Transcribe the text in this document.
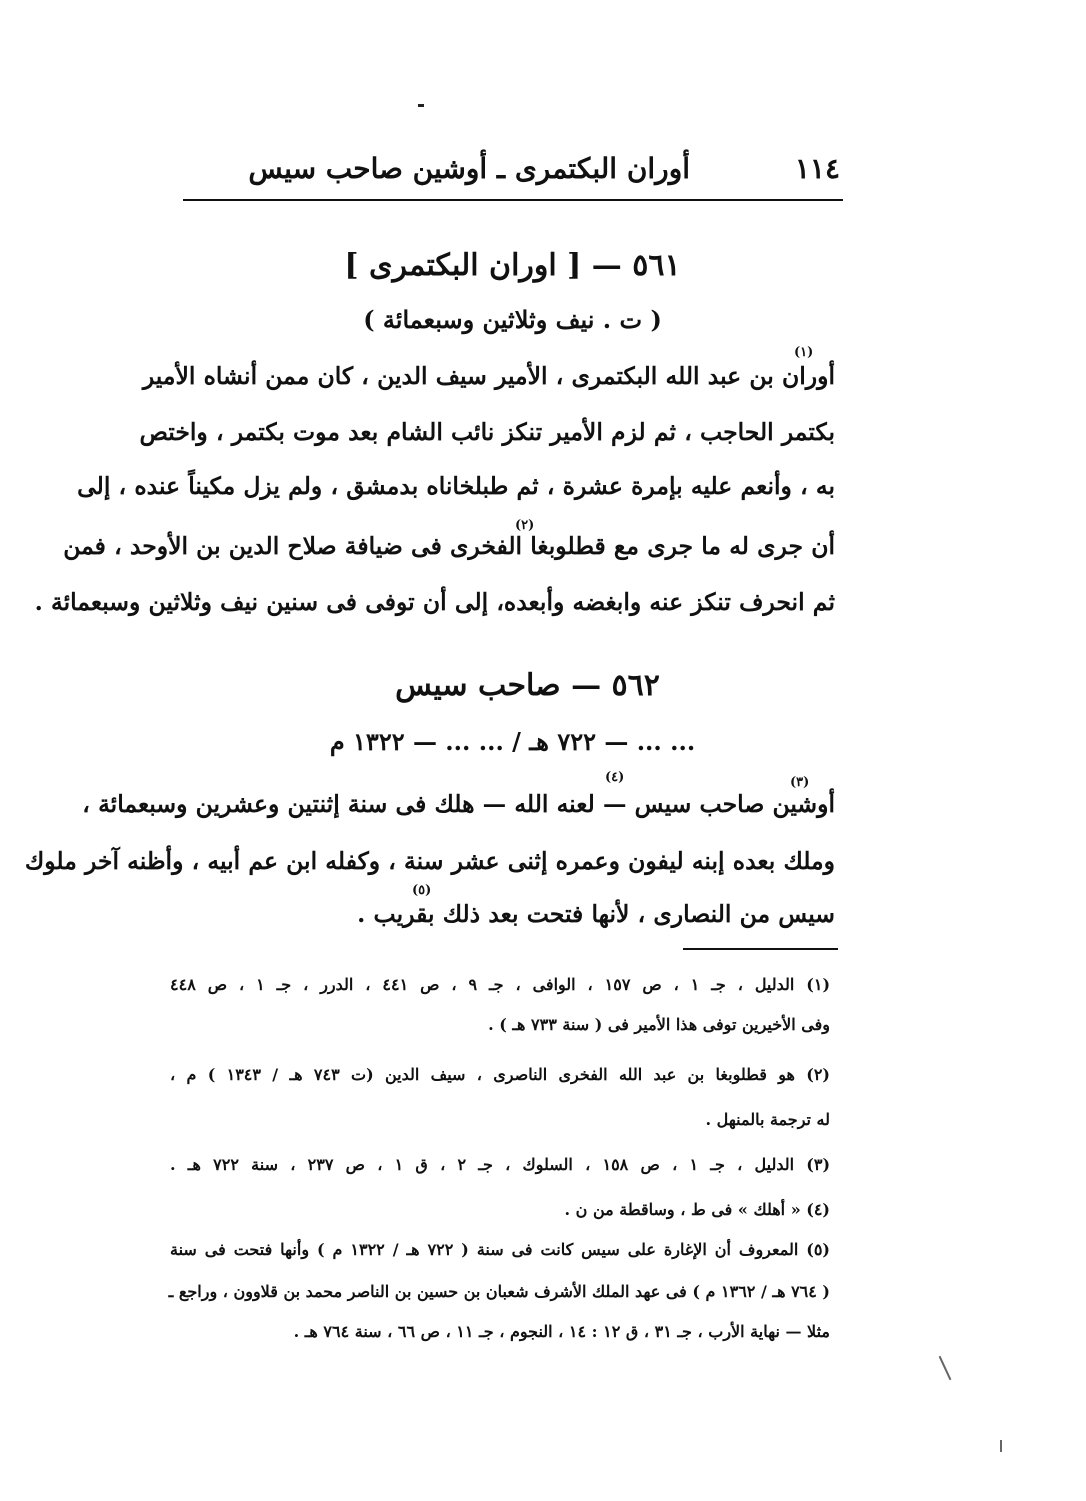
١١٤
أوران البكتمرى ـ أوشين صاحب سيس
٥٦١ — [ اوران البكتمرى ]
( ت . نيف وثلاثين وسبعمائة )
(١)
أوران بن عبد الله البكتمرى ، الأمير سيف الدين ، كان ممن أنشاه الأمير
بكتمر الحاجب ، ثم لزم الأمير تنكز نائب الشام بعد موت بكتمر ، واختص
به ، وأنعم عليه بإمرة عشرة ، ثم طبلخاناه بدمشق ، ولم يزل مكيناً عنده ، إلى
(٢)
أن جرى له ما جرى مع قطلوبغا الفخرى فى ضيافة صلاح الدين بن الأوحد ، فمن
ثم انحرف تنكز عنه وابغضه وأبعده، إلى أن توفى فى سنين نيف وثلاثين وسبعمائة .
٥٦٢ — صاحب سيس
... ... — ٧٢٢ هـ / ... ... — ١٣٢٢ م
(٣)
(٤)
أوشين صاحب سيس — لعنه الله — هلك فى سنة إثنتين وعشرين وسبعمائة ،
وملك بعده إبنه ليفون وعمره إثنى عشر سنة ، وكفله ابن عم أبيه ، وأظنه آخر ملوك
(٥)
سيس من النصارى ، لأنها فتحت بعد ذلك بقريب .
(١) الدليل ، جـ ١ ، ص ١٥٧ ، الوافى ، جـ ٩ ، ص ٤٤١ ، الدرر ، جـ ١ ، ص ٤٤٨
وفى الأخيرين توفى هذا الأمير فى ( سنة ٧٣٣ هـ ) .
(٢) هو قطلوبغا بن عبد الله الفخرى الناصرى ، سيف الدين (ت ٧٤٣ هـ / ١٣٤٣ ) م ،
له ترجمة بالمنهل .
(٣) الدليل ، جـ ١ ، ص ١٥٨ ، السلوك ، جـ ٢ ، ق ١ ، ص ٢٣٧ ، سنة ٧٢٢ هـ .
(٤) « أهلك » فى ط ، وساقطة من ن .
(٥) المعروف أن الإغارة على سيس كانت فى سنة ( ٧٢٢ هـ / ١٣٢٢ م ) وأنها فتحت فى سنة
( ٧٦٤ هـ / ١٣٦٢ م ) فى عهد الملك الأشرف شعبان بن حسين بن الناصر محمد بن قلاوون ، وراجع ـ
مثلا — نهاية الأرب ، جـ ٣١ ، ق ١٢ : ١٤ ، النجوم ، جـ ١١ ، ص ٦٦ ، سنة ٧٦٤ هـ .
